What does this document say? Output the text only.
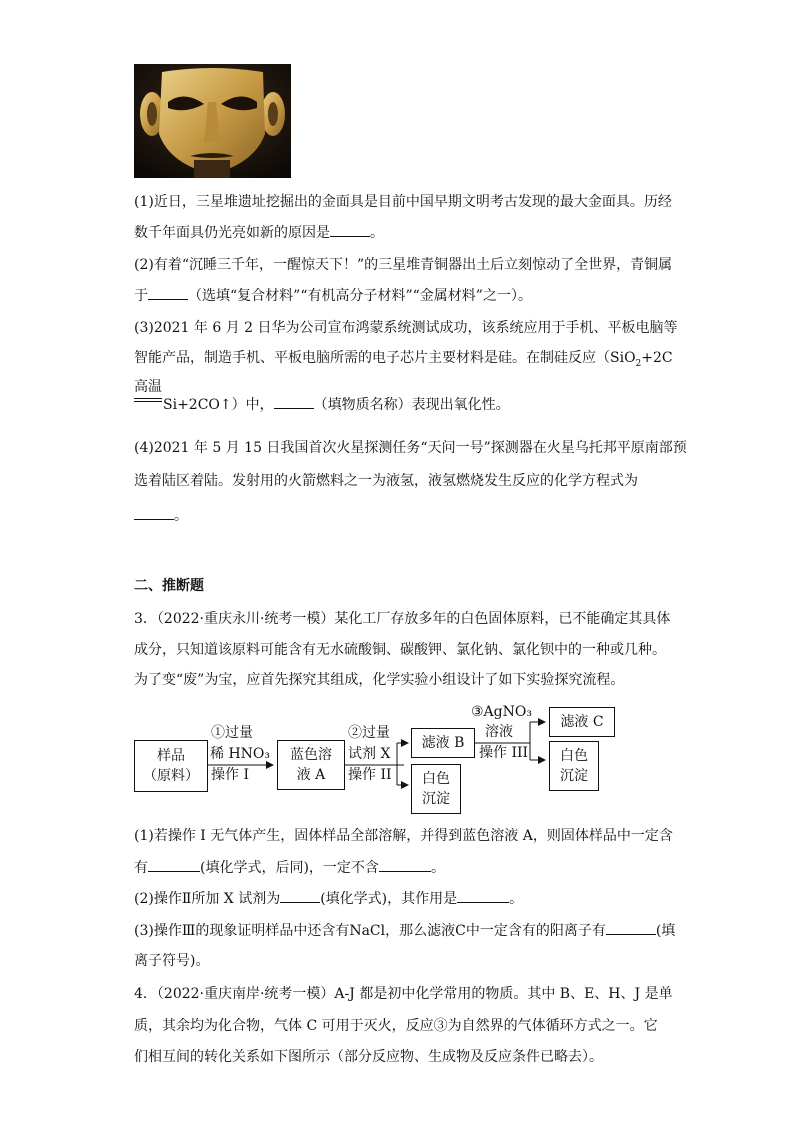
(1)近日，三星堆遗址挖掘出的金面具是目前中国早期文明考古发现的最大金面具。历经
数千年面具仍光亮如新的原因是	。
(2)有着“沉睡三千年，一醒惊天下！”的三星堆青铜器出土后立刻惊动了全世界，青铜属
于	（选填“复合材料”“有机高分子材料”“金属材料”之一）。
(3)2021 年 6 月 2 日华为公司宣布鸿蒙系统测试成功，该系统应用于手机、平板电脑等
智能产品，制造手机、平板电脑所需的电子芯片主要材料是硅。在制硅反应（SiO$_2$+2C
高温
Si+2CO↑）中，	（填物质名称）表现出氧化性。
(4)2021 年 5 月 15 日我国首次火星探测任务“天问一号”探测器在火星乌托邦平原南部预
选着陆区着陆。发射用的火箭燃料之一为液氢，液氢燃烧发生反应的化学方程式为
。
二、推断题
3．（2022·重庆永川·统考一模）某化工厂存放多年的白色固体原料，已不能确定其具体
成分，只知道该原料可能含有无水硫酸铜、碳酸钾、氯化钠、氯化钡中的一种或几种。
为了变“废”为宝，应首先探究其组成，化学实验小组设计了如下实验探究流程。
样品
（原料）
①过量
稀 HNO₃
操作 I
蓝色溶
液 A
②过量
试剂 X
操作 II
滤液 B
白色
沉淀
③AgNO₃
溶液
操作 III
滤液 C
白色
沉淀
(1)若操作 I 无气体产生，固体样品全部溶解，并得到蓝色溶液 A，则固体样品中一定含
有	(填化学式，后同)，一定不含	。
(2)操作Ⅱ所加 X 试剂为	(填化学式)，其作用是	。
(3)操作Ⅲ的现象证明样品中还含有NaCl，那么滤液C中一定含有的阳离子有	(填
离子符号)。
4．（2022·重庆南岸·统考一模）A-J 都是初中化学常用的物质。其中 B、E、H、J 是单
质，其余均为化合物，气体 C 可用于灭火，反应③为自然界的气体循环方式之一。它
们相互间的转化关系如下图所示（部分反应物、生成物及反应条件已略去）。
